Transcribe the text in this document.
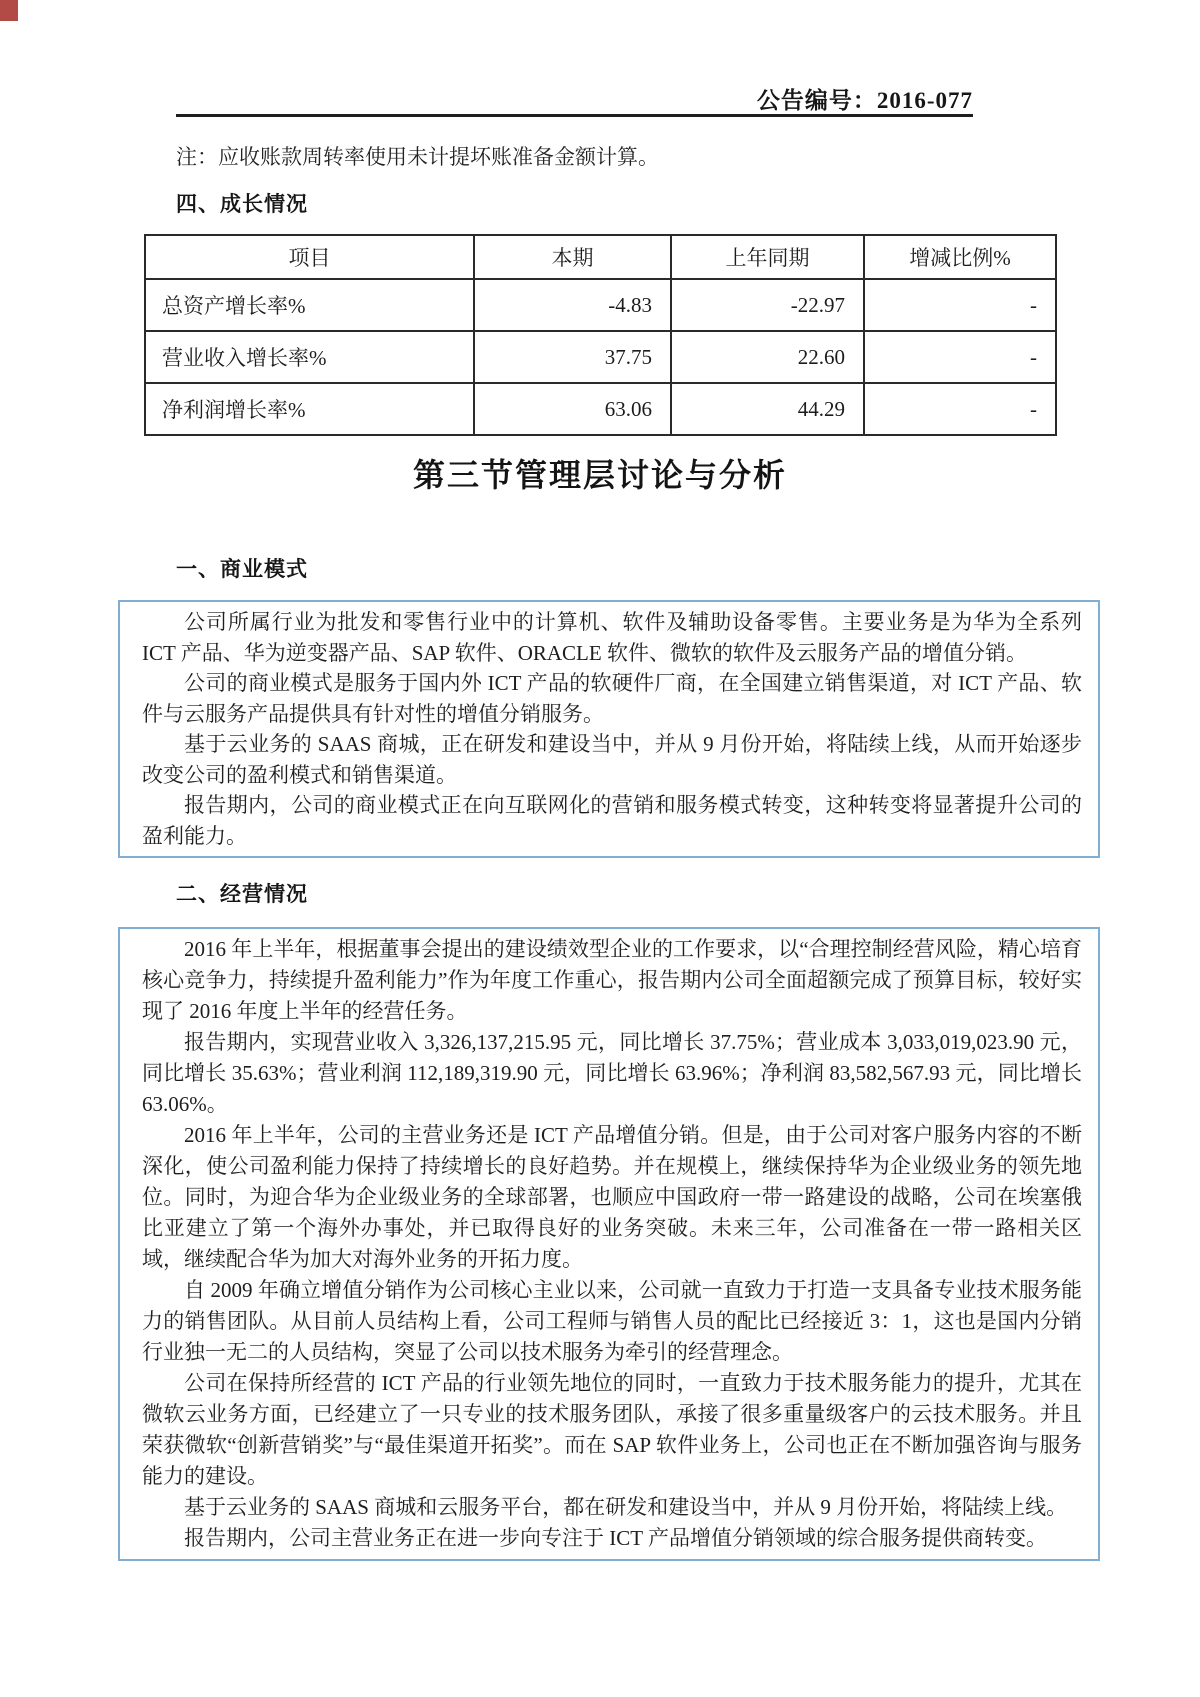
公告编号：2016-077
注：应收账款周转率使用未计提坏账准备金额计算。
四、成长情况
项目	本期	上年同期	增减比例%
总资产增长率%	-4.83	-22.97	-
营业收入增长率%	37.75	22.60	-
净利润增长率%	63.06	44.29	-
第三节管理层讨论与分析
一、商业模式

公司所属行业为批发和零售行业中的计算机、软件及辅助设备零售。主要业务是为华为全系列 ICT 产品、华为逆变器产品、SAP 软件、ORACLE 软件、微软的软件及云服务产品的增值分销。

公司的商业模式是服务于国内外 ICT 产品的软硬件厂商，在全国建立销售渠道，对 ICT 产品、软件与云服务产品提供具有针对性的增值分销服务。

基于云业务的 SAAS 商城，正在研发和建设当中，并从 9 月份开始，将陆续上线，从而开始逐步改变公司的盈利模式和销售渠道。

报告期内，公司的商业模式正在向互联网化的营销和服务模式转变，这种转变将显著提升公司的盈利能力。

二、经营情况

2016 年上半年，根据董事会提出的建设绩效型企业的工作要求，以“合理控制经营风险，精心培育核心竞争力，持续提升盈利能力”作为年度工作重心，报告期内公司全面超额完成了预算目标，较好实现了 2016 年度上半年的经营任务。

报告期内，实现营业收入 3,326,137,215.95 元，同比增长 37.75%；营业成本 3,033,019,023.90 元，同比增长 35.63%；营业利润 112,189,319.90 元，同比增长 63.96%；净利润 83,582,567.93 元，同比增长 63.06%。

2016 年上半年，公司的主营业务还是 ICT 产品增值分销。但是，由于公司对客户服务内容的不断深化，使公司盈利能力保持了持续增长的良好趋势。并在规模上，继续保持华为企业级业务的领先地位。同时，为迎合华为企业级业务的全球部署，也顺应中国政府一带一路建设的战略，公司在埃塞俄比亚建立了第一个海外办事处，并已取得良好的业务突破。未来三年，公司准备在一带一路相关区域，继续配合华为加大对海外业务的开拓力度。

自 2009 年确立增值分销作为公司核心主业以来，公司就一直致力于打造一支具备专业技术服务能力的销售团队。从目前人员结构上看，公司工程师与销售人员的配比已经接近 3：1，这也是国内分销行业独一无二的人员结构，突显了公司以技术服务为牵引的经营理念。

公司在保持所经营的 ICT 产品的行业领先地位的同时，一直致力于技术服务能力的提升，尤其在微软云业务方面，已经建立了一只专业的技术服务团队，承接了很多重量级客户的云技术服务。并且荣获微软“创新营销奖”与“最佳渠道开拓奖”。而在 SAP 软件业务上，公司也正在不断加强咨询与服务能力的建设。

基于云业务的 SAAS 商城和云服务平台，都在研发和建设当中，并从 9 月份开始，将陆续上线。

报告期内，公司主营业务正在进一步向专注于 ICT 产品增值分销领域的综合服务提供商转变。
